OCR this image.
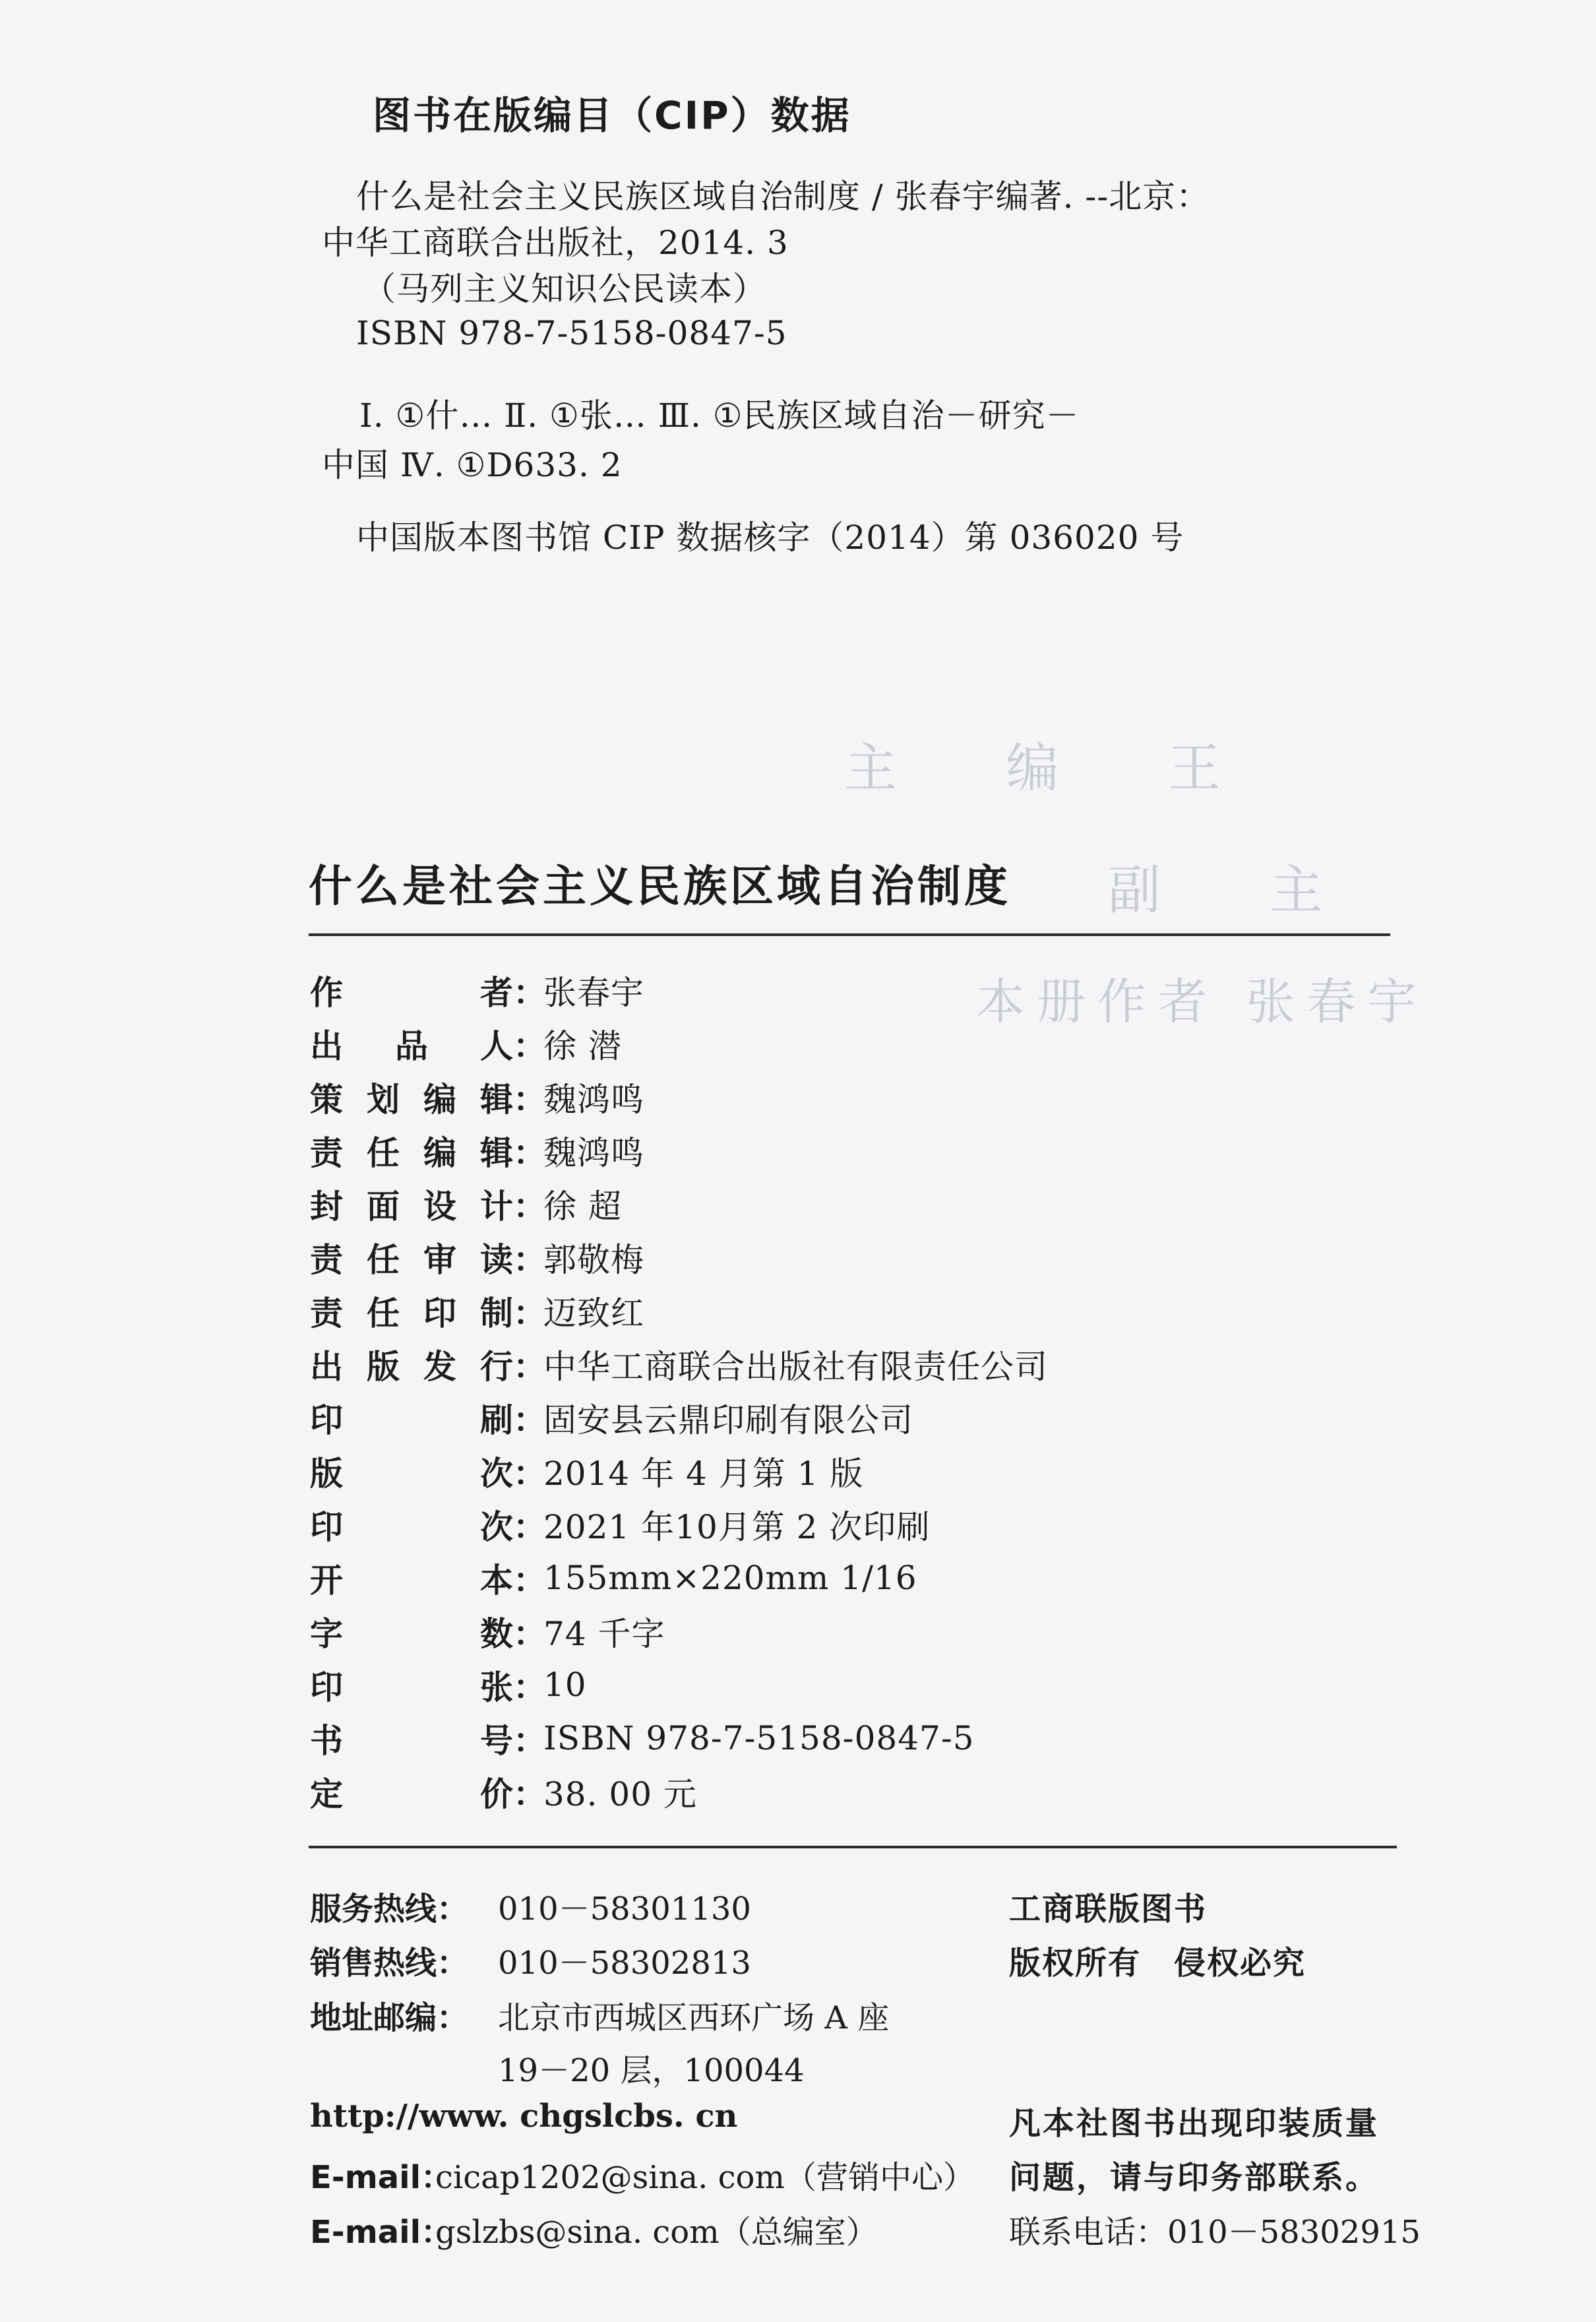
主 编 王
副 主
本册作者 张春宇
图书在版编目（CIP）数据
什么是社会主义民族区域自治制度 / 张春宇编著. --北京：
中华工商联合出版社，2014. 3
（马列主义知识公民读本）
ISBN 978-7-5158-0847-5
Ⅰ. ①什… Ⅱ. ①张… Ⅲ. ①民族区域自治－研究－
中国 Ⅳ. ①D633. 2
中国版本图书馆 CIP 数据核字（2014）第 036020 号
什么是社会主义民族区域自治制度
作	者 ：
张春宇
出 品 人 ：
徐 潜
策 划 编 辑 ：
魏鸿鸣
责 任 编 辑 ：
魏鸿鸣
封 面 设 计 ：
徐 超
责 任 审 读 ：
郭敬梅
责 任 印 制 ：
迈致红
出 版 发 行 ：
中华工商联合出版社有限责任公司
印	刷 ：
固安县云鼎印刷有限公司
版	次 ：
2014 年 4 月第 1 版
印	次 ：
2021 年10月第 2 次印刷
开	本 ：
155mm×220mm 1/16
字	数 ：
74 千字
印	张 ：
10
书	号 ：
ISBN 978-7-5158-0847-5
定	价 ：
38. 00 元
服务热线： 010－58301130
销售热线： 010－58302813
地址邮编： 北京市西城区西环广场 A 座
19－20 层，100044
http://www. chgslcbs. cn
E-mail：
cicap1202@sina. com（营销中心）
E-mail：
gslzbs@sina. com（总编室）
工商联版图书
版权所有　侵权必究
凡本社图书出现印装质量
问题，请与印务部联系。
联系电话：010－58302915
